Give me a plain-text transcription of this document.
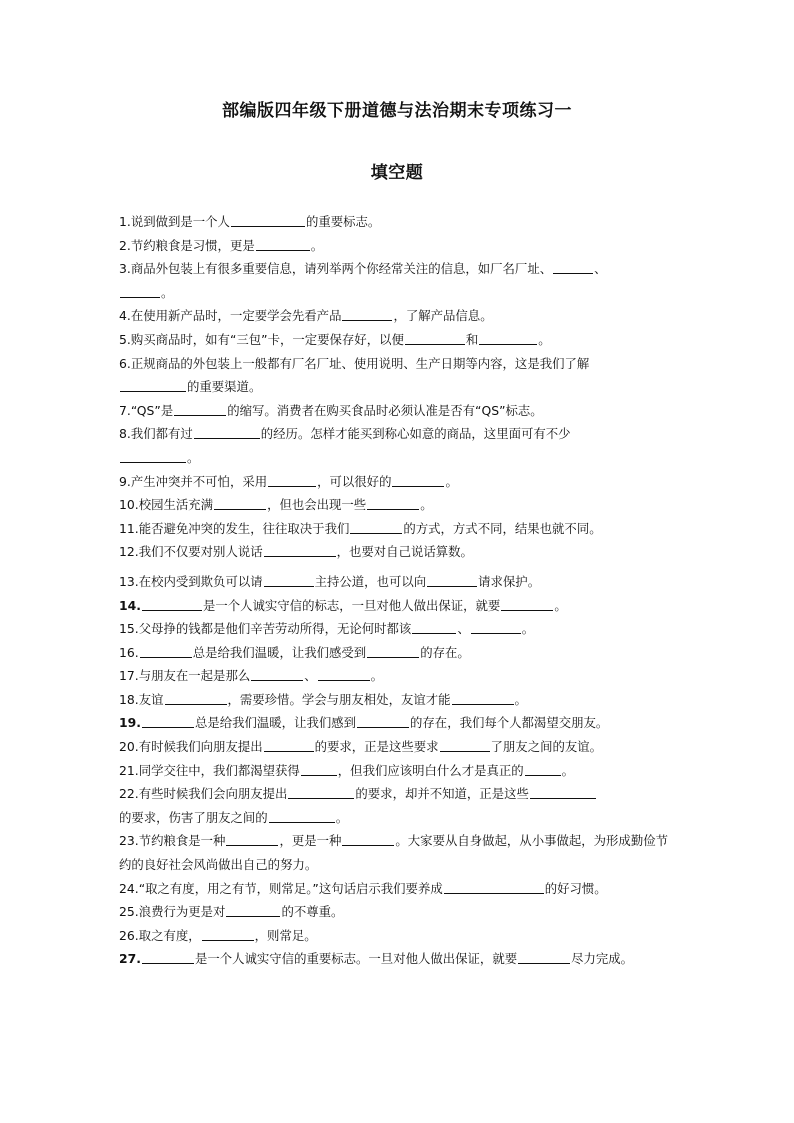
部编版四年级下册道德与法治期末专项练习一
填空题
1.说到做到是一个人	的重要标志。
2.节约粮食是习惯，更是	。
3.商品外包装上有很多重要信息，请列举两个你经常关注的信息，如厂名厂址、	、
。
4.在使用新产品时，一定要学会先看产品	，了解产品信息。
5.购买商品时，如有“三包”卡，一定要保存好，以便	和	。
6.正规商品的外包装上一般都有厂名厂址、使用说明、生产日期等内容，这是我们了解
的重要渠道。
7.“QS”是	的缩写。消费者在购买食品时必须认准是否有“QS”标志。
8.我们都有过	的经历。怎样才能买到称心如意的商品，这里面可有不少
。
9.产生冲突并不可怕，采用	，可以很好的	。
10.校园生活充满	，但也会出现一些	。
11.能否避免冲突的发生，往往取决于我们	的方式，方式不同，结果也就不同。
12.我们不仅要对别人说话	，也要对自己说话算数。
13.在校内受到欺负可以请	主持公道，也可以向	请求保护。
14.	是一个人诚实守信的标志，一旦对他人做出保证，就要	。
15.父母挣的钱都是他们辛苦劳动所得，无论何时都该	、	。
16.	总是给我们温暖，让我们感受到	的存在。
17.与朋友在一起是那么	、	。
18.友谊	，需要珍惜。学会与朋友相处，友谊才能	。
19.	总是给我们温暖，让我们感到	的存在，我们每个人都渴望交朋友。
20.有时候我们向朋友提出	的要求，正是这些要求	了朋友之间的友谊。
21.同学交往中，我们都渴望获得	，但我们应该明白什么才是真正的	。
22.有些时候我们会向朋友提出	的要求，却并不知道，正是这些
的要求，伤害了朋友之间的	。
23.节约粮食是一种	，更是一种	。大家要从自身做起，从小事做起，为形成勤俭节约的良好社会风尚做出自己的努力。
24.“取之有度，用之有节，则常足。”这句话启示我们要养成	的好习惯。
25.浪费行为更是对	的不尊重。
26.取之有度，	，则常足。
27.	是一个人诚实守信的重要标志。一旦对他人做出保证，就要	尽力完成。
